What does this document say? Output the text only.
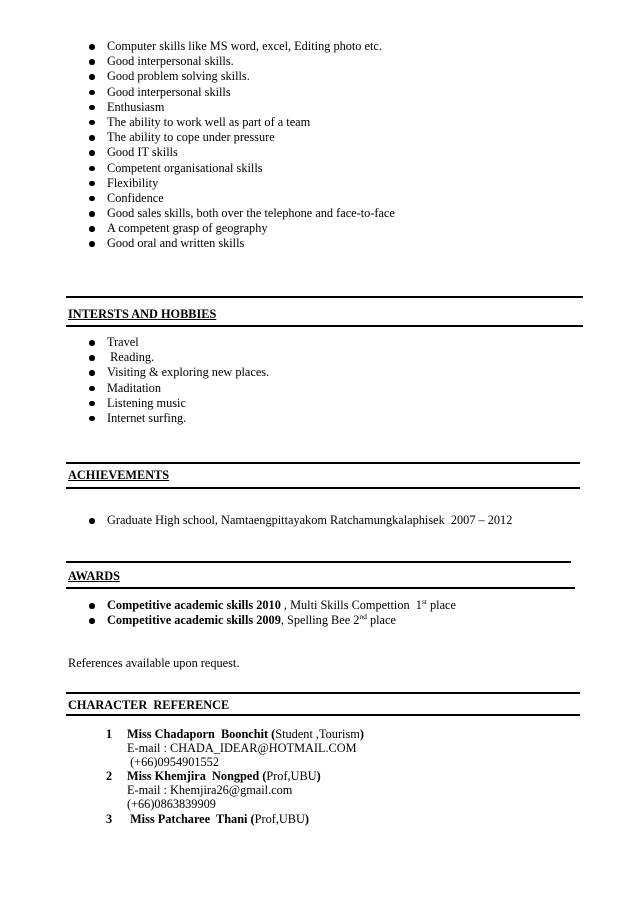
Computer skills like MS word, excel, Editing photo etc.
Good interpersonal skills.
Good problem solving skills.
Good interpersonal skills
Enthusiasm
The ability to work well as part of a team
The ability to cope under pressure
Good IT skills
Competent organisational skills
Flexibility
Confidence
Good sales skills, both over the telephone and face-to-face
A competent grasp of geography
Good oral and written skills
INTERSTS AND HOBBIES
Travel
Reading.
Visiting & exploring new places.
Maditation
Listening music
Internet surfing.
ACHIEVEMENTS
Graduate High school, Namtaengpittayakom Ratchamungkalaphisek  2007 – 2012
AWARDS
Competitive academic skills 2010 , Multi Skills Compettion  1st place
Competitive academic skills 2009, Spelling Bee 2nd place
References available upon request.
CHARACTER  REFERENCE
1 Miss Chadaporn  Boonchit (Student ,Tourism)
E-mail : CHADA_IDEAR@HOTMAIL.COM
(+66)0954901552
2 Miss Khemjira  Nongped (Prof,UBU)
E-mail : Khemjira26@gmail.com
(+66)0863839909
3 Miss Patcharee  Thani (Prof,UBU)
